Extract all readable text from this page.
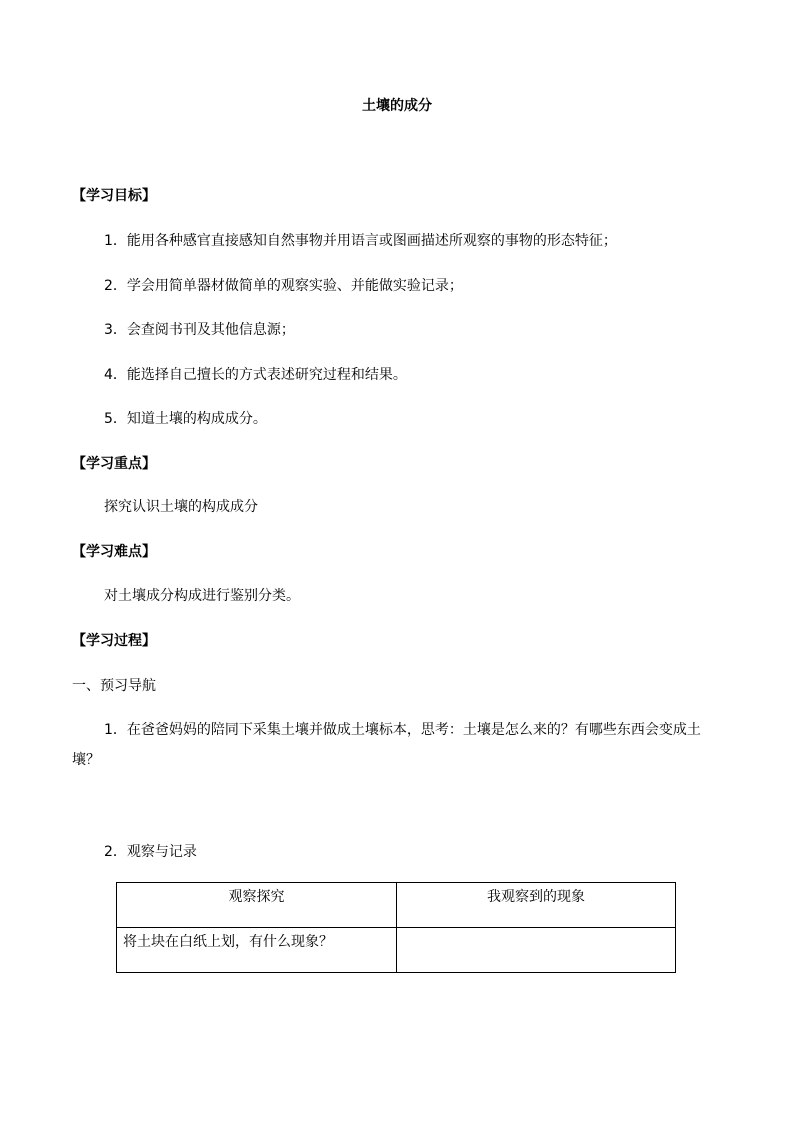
土壤的成分
【学习目标】
1．能用各种感官直接感知自然事物并用语言或图画描述所观察的事物的形态特征；
2．学会用简单器材做简单的观察实验、并能做实验记录；
3．会查阅书刊及其他信息源；
4．能选择自己擅长的方式表述研究过程和结果。
5．知道土壤的构成成分。
【学习重点】
探究认识土壤的构成成分
【学习难点】
对土壤成分构成进行鉴别分类。
【学习过程】
一、预习导航
1．在爸爸妈妈的陪同下采集土壤并做成土壤标本，思考：土壤是怎么来的？有哪些东西会变成土壤？
2．观察与记录
观察探究	我观察到的现象
将土块在白纸上划，有什么现象？	
